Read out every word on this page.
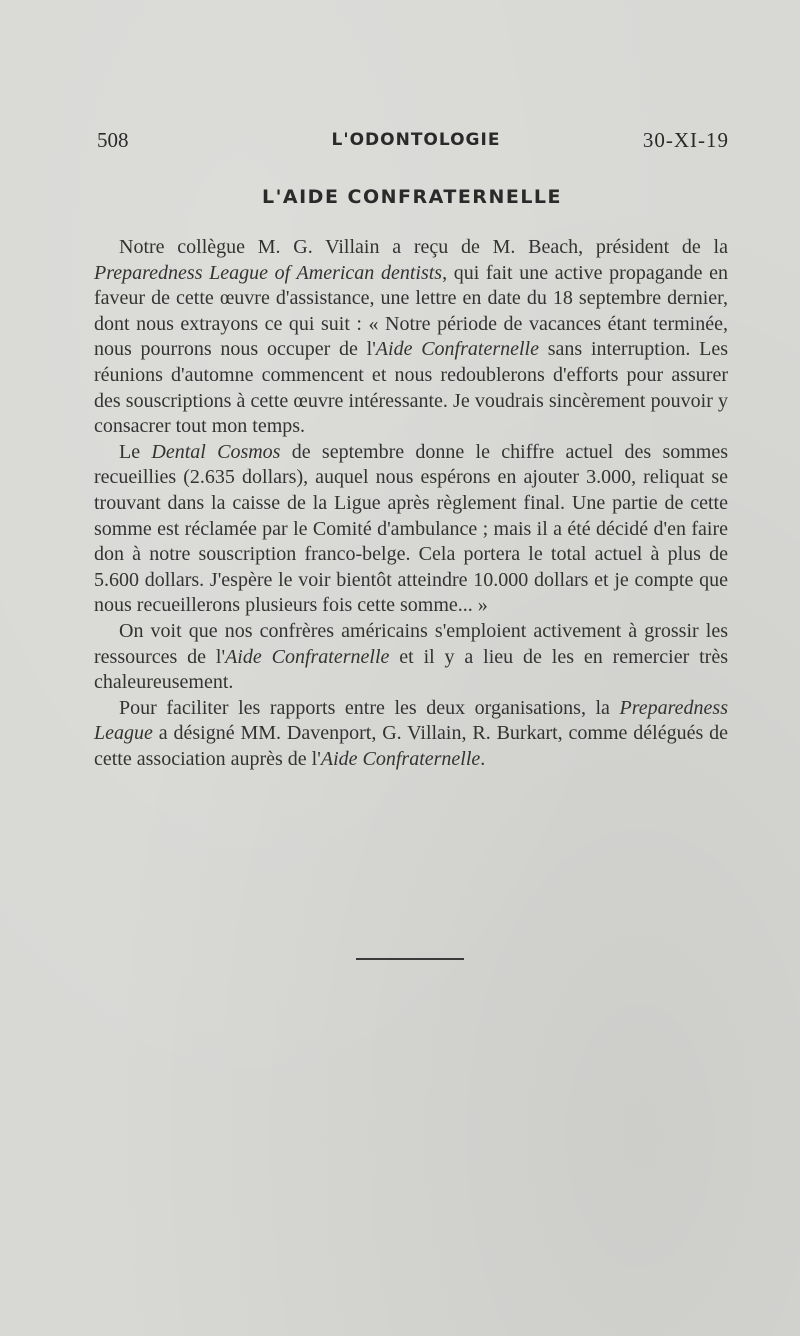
508	L'ODONTOLOGIE	30-XI-19
L'AIDE CONFRATERNELLE

Notre collègue M. G. Villain a reçu de M. Beach, président de la Preparedness League of American dentists, qui fait une active propagande en faveur de cette œuvre d'assistance, une lettre en date du 18 septembre dernier, dont nous extrayons ce qui suit : « Notre période de vacances étant terminée, nous pourrons nous occuper de l'Aide Confraternelle sans interruption. Les réunions d'automne commencent et nous redoublerons d'efforts pour assurer des souscriptions à cette œuvre intéressante. Je voudrais sincèrement pouvoir y consacrer tout mon temps.

Le Dental Cosmos de septembre donne le chiffre actuel des sommes recueillies (2.635 dollars), auquel nous espérons en ajouter 3.000, reliquat se trouvant dans la caisse de la Ligue après règlement final. Une partie de cette somme est réclamée par le Comité d'ambulance ; mais il a été décidé d'en faire don à notre souscription franco-belge. Cela portera le total actuel à plus de 5.600 dollars. J'espère le voir bientôt atteindre 10.000 dollars et je compte que nous recueillerons plusieurs fois cette somme... »

On voit que nos confrères américains s'emploient activement à grossir les ressources de l'Aide Confraternelle et il y a lieu de les en remercier très chaleureusement.

Pour faciliter les rapports entre les deux organisations, la Preparedness League a désigné MM. Davenport, G. Villain, R. Burkart, comme délégués de cette association auprès de l'Aide Confraternelle.
